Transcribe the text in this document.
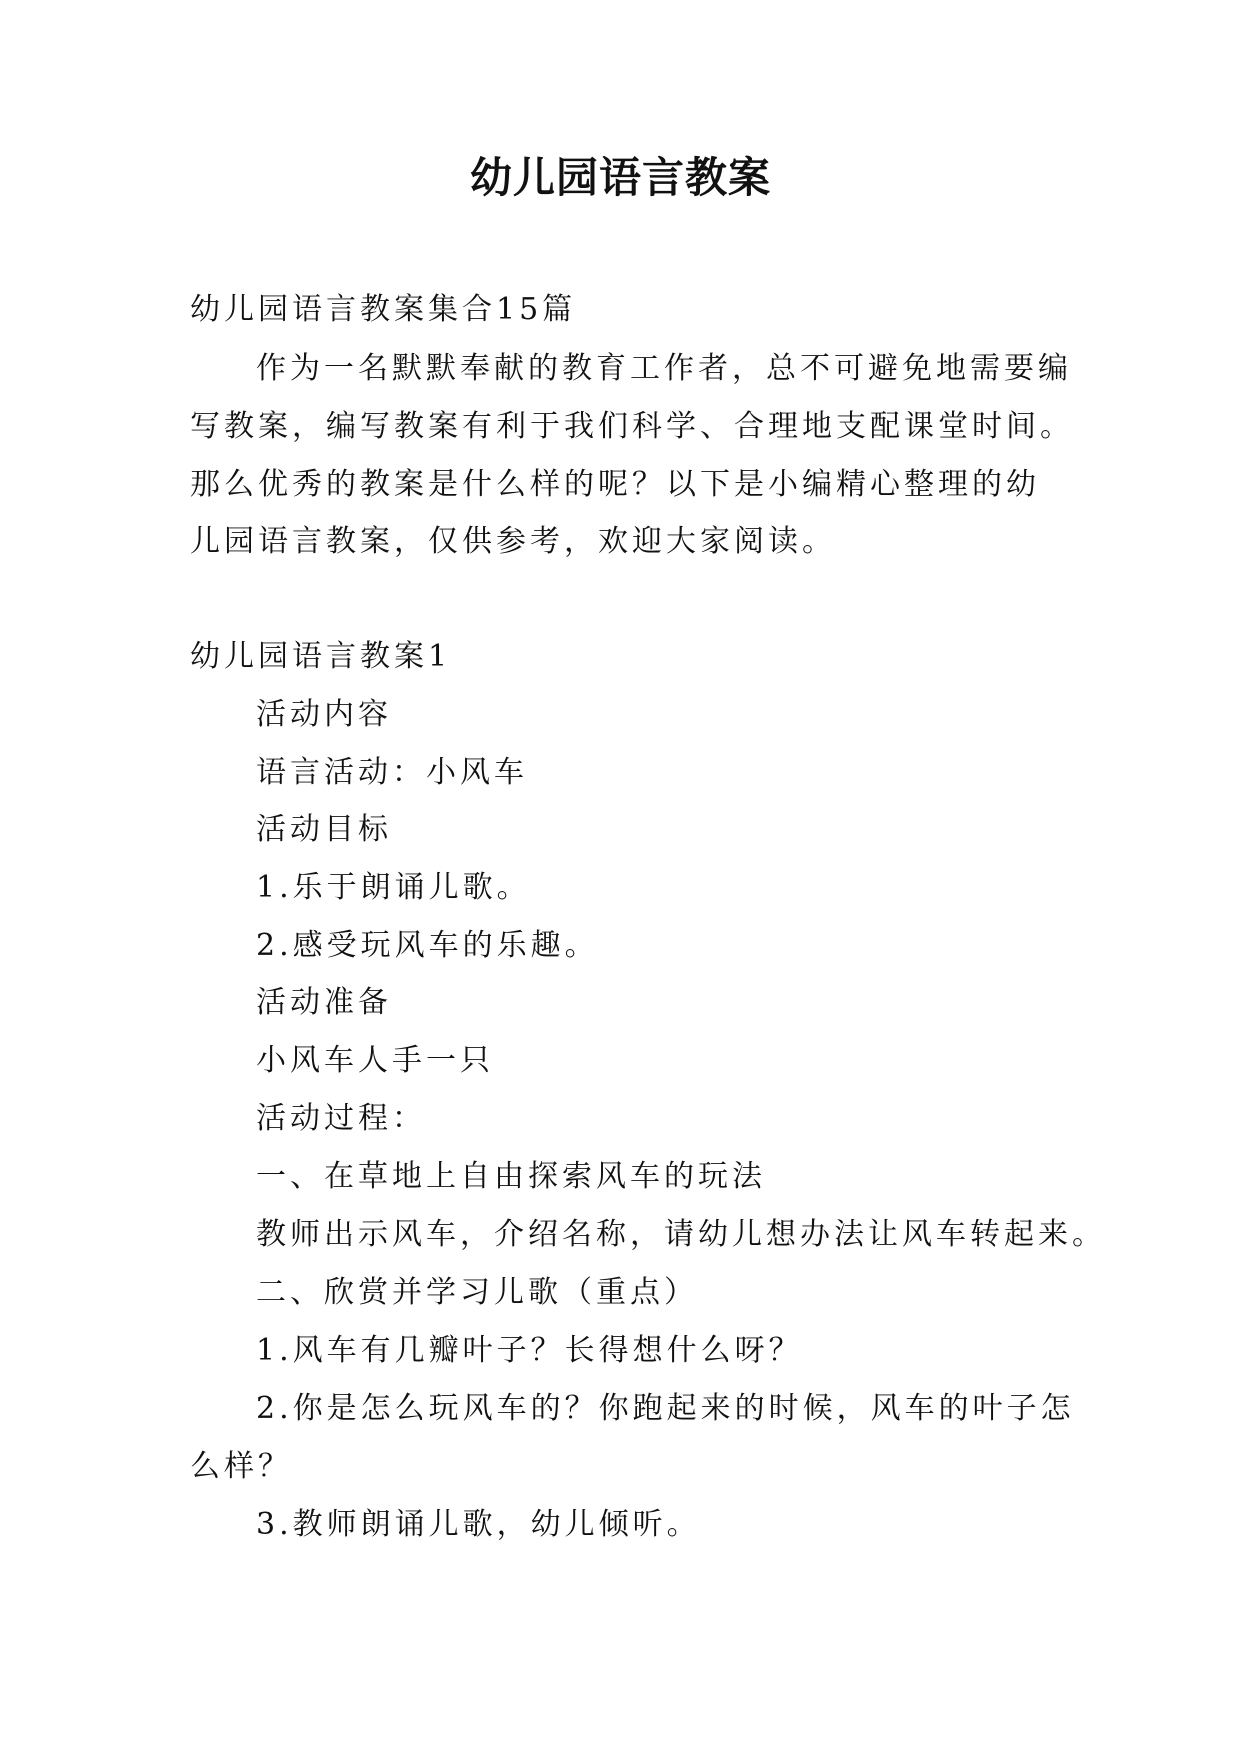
幼儿园语言教案
幼儿园语言教案集合15篇
作为一名默默奉献的教育工作者，总不可避免地需要编
写教案，编写教案有利于我们科学、合理地支配课堂时间。
那么优秀的教案是什么样的呢？以下是小编精心整理的幼
儿园语言教案，仅供参考，欢迎大家阅读。
幼儿园语言教案1
活动内容
语言活动：小风车
活动目标
1.乐于朗诵儿歌。
2.感受玩风车的乐趣。
活动准备
小风车人手一只
活动过程：
一、在草地上自由探索风车的玩法
教师出示风车，介绍名称，请幼儿想办法让风车转起来。
二、欣赏并学习儿歌（重点）
1.风车有几瓣叶子？长得想什么呀？
2.你是怎么玩风车的？你跑起来的时候，风车的叶子怎
么样？
3.教师朗诵儿歌，幼儿倾听。
